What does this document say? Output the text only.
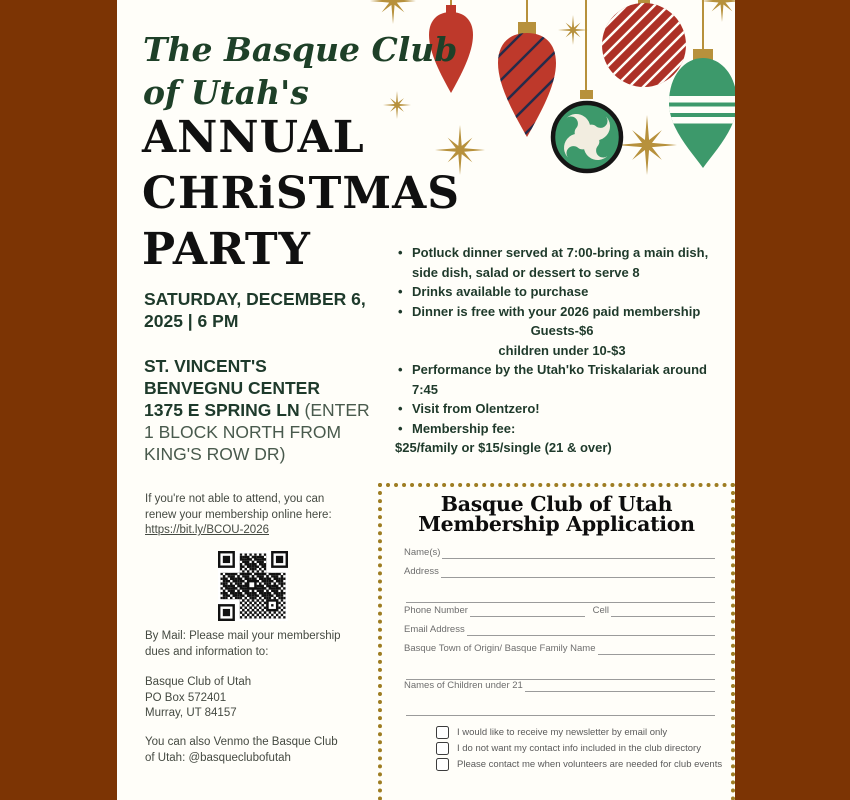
The Basque Club
of Utah's
ANNUAL
CHRiSTMAS
PARTY
SATURDAY, DECEMBER 6,
2025 | 6 PM
ST. VINCENT'S
BENVEGNU CENTER
1375 E SPRING LN (ENTER
1 BLOCK NORTH FROM
KING'S ROW DR)
If you're not able to attend, you can
renew your membership online here:
https://bit.ly/BCOU-2026
By Mail: Please mail your membership
dues and information to:
Basque Club of Utah
PO Box 572401
Murray, UT 84157
You can also Venmo the Basque Club
of Utah: @basqueclubofutah
• Potluck dinner served at 7:00-bring a main dish,
side dish, salad or dessert to serve 8
• Drinks available to purchase
• Dinner is free with your 2026 paid membership
Guests-$6
children under 10-$3
• Performance by the Utah'ko Triskalariak around
7:45
• Visit from Olentzero!
• Membership fee:
$25/family or $15/single (21 & over)
Basque Club of Utah
Membership Application
Name(s)
Address
Phone Number	Cell
Email Address
Basque Town of Origin/ Basque Family Name
Names of Children under 21
I would like to receive my newsletter by email only
I do not want my contact info included in the club directory
Please contact me when volunteers are needed for club events
